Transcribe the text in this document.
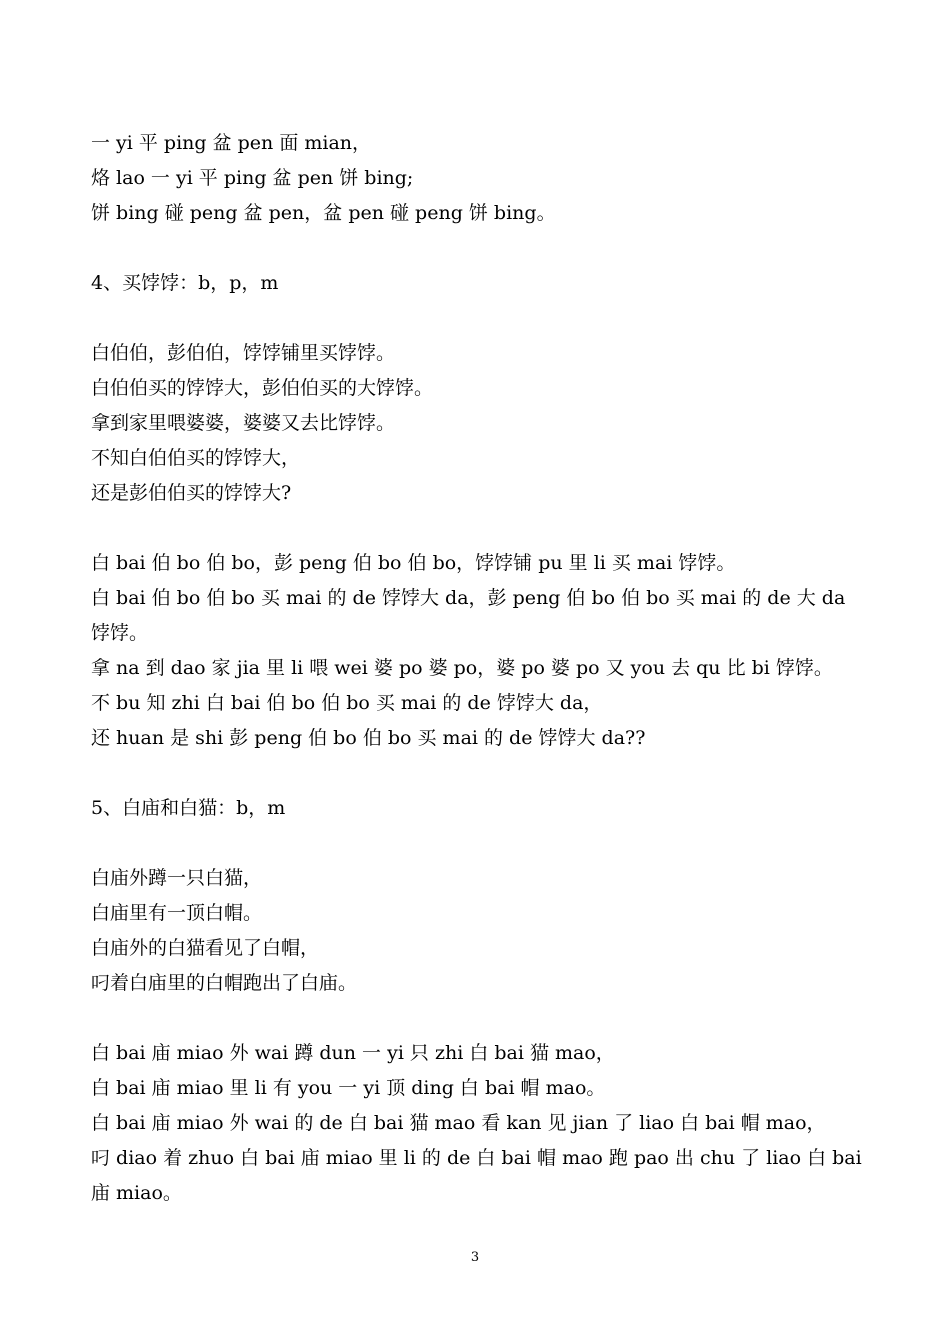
一 yi 平 ping 盆 pen 面 mian，
烙 lao 一 yi 平 ping 盆 pen 饼 bing;
饼 bing 碰 peng 盆 pen，盆 pen 碰 peng 饼 bing。
4、买饽饽：b，p，m
白伯伯，彭伯伯，饽饽铺里买饽饽。
白伯伯买的饽饽大，彭伯伯买的大饽饽。
拿到家里喂婆婆，婆婆又去比饽饽。
不知白伯伯买的饽饽大，
还是彭伯伯买的饽饽大?
白 bai 伯 bo 伯 bo，彭 peng 伯 bo 伯 bo，饽饽铺 pu 里 li 买 mai 饽饽。
白 bai 伯 bo 伯 bo 买 mai 的 de 饽饽大 da，彭 peng 伯 bo 伯 bo 买 mai 的 de 大 da
饽饽。
拿 na 到 dao 家 jia 里 li 喂 wei 婆 po 婆 po，婆 po 婆 po 又 you 去 qu 比 bi 饽饽。
不 bu 知 zhi 白 bai 伯 bo 伯 bo 买 mai 的 de 饽饽大 da，
还 huan 是 shi 彭 peng 伯 bo 伯 bo 买 mai 的 de 饽饽大 da??
5、白庙和白猫：b，m
白庙外蹲一只白猫，
白庙里有一顶白帽。
白庙外的白猫看见了白帽，
叼着白庙里的白帽跑出了白庙。
白 bai 庙 miao 外 wai 蹲 dun 一 yi 只 zhi 白 bai 猫 mao，
白 bai 庙 miao 里 li 有 you 一 yi 顶 ding 白 bai 帽 mao。
白 bai 庙 miao 外 wai 的 de 白 bai 猫 mao 看 kan 见 jian 了 liao 白 bai 帽 mao，
叼 diao 着 zhuo 白 bai 庙 miao 里 li 的 de 白 bai 帽 mao 跑 pao 出 chu 了 liao 白 bai
庙 miao。
3
